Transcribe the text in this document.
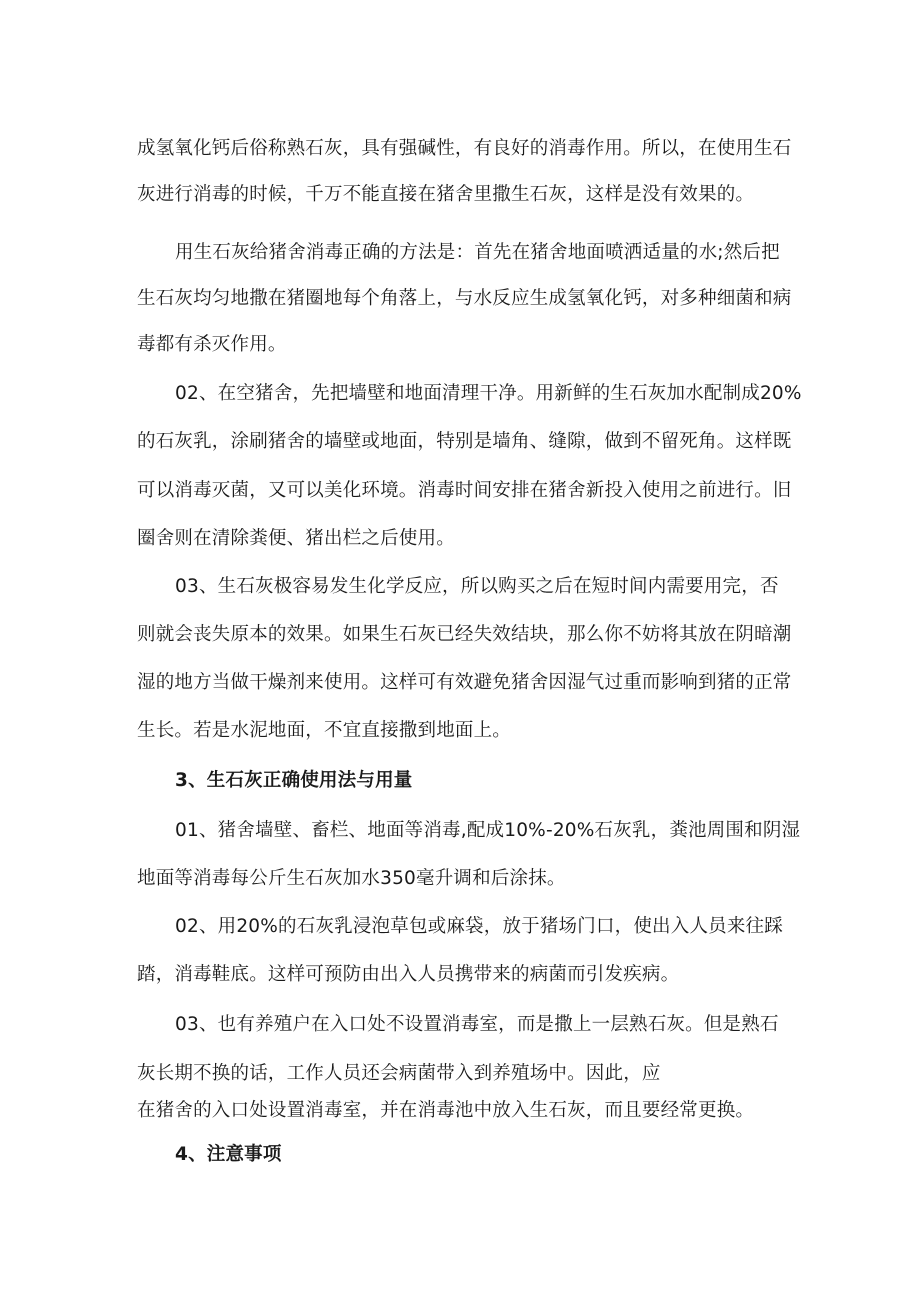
成氢氧化钙后俗称熟石灰，具有强碱性，有良好的消毒作用。所以，在使用生石
灰进行消毒的时候，千万不能直接在猪舍里撒生石灰，这样是没有效果的。
用生石灰给猪舍消毒正确的方法是：首先在猪舍地面喷洒适量的水;然后把
生石灰均匀地撒在猪圈地每个角落上，与水反应生成氢氧化钙，对多种细菌和病
毒都有杀灭作用。
02、在空猪舍，先把墙壁和地面清理干净。用新鲜的生石灰加水配制成20%
的石灰乳，涂刷猪舍的墙壁或地面，特别是墙角、缝隙，做到不留死角。这样既
可以消毒灭菌，又可以美化环境。消毒时间安排在猪舍新投入使用之前进行。旧
圈舍则在清除粪便、猪出栏之后使用。
03、生石灰极容易发生化学反应，所以购买之后在短时间内需要用完，否
则就会丧失原本的效果。如果生石灰已经失效结块，那么你不妨将其放在阴暗潮
湿的地方当做干燥剂来使用。这样可有效避免猪舍因湿气过重而影响到猪的正常
生长。若是水泥地面，不宜直接撒到地面上。
3、生石灰正确使用法与用量
01、猪舍墙壁、畜栏、地面等消毒,配成10%-20%石灰乳，粪池周围和阴湿
地面等消毒每公斤生石灰加水350毫升调和后涂抹。
02、用20%的石灰乳浸泡草包或麻袋，放于猪场门口，使出入人员来往踩
踏，消毒鞋底。这样可预防由出入人员携带来的病菌而引发疾病。
03、也有养殖户在入口处不设置消毒室，而是撒上一层熟石灰。但是熟石
灰长期不换的话，工作人员还会病菌带入到养殖场中。因此，应
在猪舍的入口处设置消毒室，并在消毒池中放入生石灰，而且要经常更换。
4、注意事项
